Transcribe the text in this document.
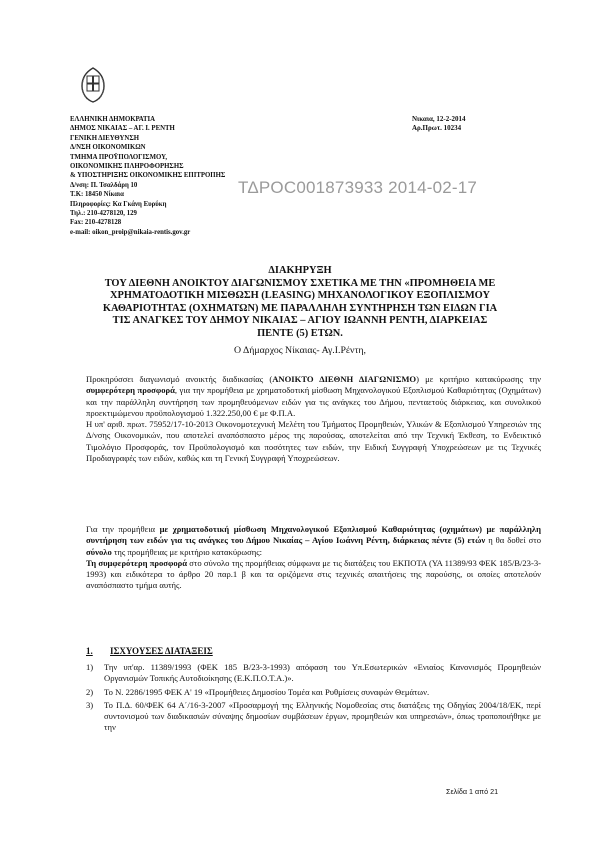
ΕΛΛΗΝΙΚΗ ΔΗΜΟΚΡΑΤΙΑ
ΔΗΜΟΣ ΝΙΚΑΙΑΣ – ΑΓ. Ι. ΡΕΝΤΗ
ΓΕΝΙΚΗ ΔΙΕΥΘΥΝΣΗ
Δ/ΝΣΗ ΟΙΚΟΝΟΜΙΚΩΝ
ΤΜΗΜΑ ΠΡΟΫΠΟΛΟΓΙΣΜΟΥ,
ΟΙΚΟΝΟΜΙΚΗΣ ΠΛΗΡΟΦΟΡΗΣΗΣ
& ΥΠΟΣΤΗΡΙΞΗΣ ΟΙΚΟΝΟΜΙΚΗΣ ΕΠΙΤΡΟΠΗΣ
Δ/νση: Π. Τσαλδάρη 10
Τ.Κ: 18450 Νίκαια
Πληροφορίες: Κα Γκάνη Ευρύκη
Τηλ.: 210-4278120, 129
Fax: 210-4278128
e-mail: oikon_proip@nikaia-rentis.gov.gr
Νικαια, 12-2-2014
Αρ.Πρωτ. 10234
ΤΔΡΟC001873933 2014-02-17
ΔΙΑΚΗΡΥΞΗ
ΤΟΥ ΔΙΕΘΝΗ ΑΝΟΙΚΤΟΥ ΔΙΑΓΩΝΙΣΜΟΥ ΣΧΕΤΙΚΑ ΜΕ ΤΗΝ «ΠΡΟΜΗΘΕΙΑ ΜΕ
ΧΡΗΜΑΤΟΔΟΤΙΚΗ ΜΙΣΘΩΣΗ (LEASING) ΜΗΧΑΝΟΛΟΓΙΚΟΥ ΕΞΟΠΛΙΣΜΟΥ
ΚΑΘΑΡΙΟΤΗΤΑΣ (ΟΧΗΜΑΤΩΝ) ΜΕ ΠΑΡΑΛΛΗΛΗ ΣΥΝΤΗΡΗΣΗ ΤΩΝ ΕΙΔΩΝ ΓΙΑ
ΤΙΣ ΑΝΑΓΚΕΣ ΤΟΥ ΔΗΜΟΥ ΝΙΚΑΙΑΣ – ΑΓΙΟΥ ΙΩΑΝΝΗ ΡΕΝΤΗ, ΔΙΑΡΚΕΙΑΣ
ΠΕΝΤΕ (5) ΕΤΩΝ.
Ο Δήμαρχος Νίκαιας- Αγ.Ι.Ρέντη,

Προκηρύσσει διαγωνισμό ανοικτής διαδικασίας (ΑΝΟΙΚΤΟ ΔΙΕΘΝΗ ΔΙΑΓΩΝΙΣΜΟ) με κριτήριο κατακύρωσης την συμφερότερη προσφορά, για την προμήθεια με χρηματοδοτική μίσθωση Μηχανολογικού Εξοπλισμού Καθαριότητας (Οχημάτων) και την παράλληλη συντήρηση των προμηθευόμενων ειδών για τις ανάγκες του Δήμου, πενταετούς διάρκειας, και συνολικού προεκτιμώμενου προϋπολογισμού 1.322.250,00 € με Φ.Π.Α.

Η υπ' αριθ. πρωτ. 75952/17-10-2013 Οικονομοτεχνική Μελέτη του Τμήματος Προμηθειών, Υλικών & Εξοπλισμού Υπηρεσιών της Δ/νσης Οικονομικών, που αποτελεί αναπόσπαστο μέρος της παρούσας, αποτελείται από την Τεχνική Έκθεση, το Ενδεικτικό Τιμολόγιο Προσφοράς, τον Προϋπολογισμό και ποσότητες των ειδών, την Ειδική Συγγραφή Υποχρεώσεων με τις Τεχνικές Προδιαγραφές των ειδών, καθώς και τη Γενική Συγγραφή Υποχρεώσεων.

Για την προμήθεια με χρηματοδοτική μίσθωση Μηχανολογικού Εξοπλισμού Καθαριότητας (οχημάτων) με παράλληλη συντήρηση των ειδών για τις ανάγκες του Δήμου Νικαίας – Αγίου Ιωάννη Ρέντη, διάρκειας πέντε (5) ετών η θα δοθεί στο σύνολο της προμήθειας με κριτήριο κατακύρωσης:

Τη συμφερότερη προσφορά στο σύνολο της προμήθειας σύμφωνα με τις διατάξεις του ΕΚΠΟΤΑ (ΥΑ 11389/93 ΦΕΚ 185/Β/23-3-1993) και ειδικότερα το άρθρο 20 παρ.1 β και τα οριζόμενα στις τεχνικές απαιτήσεις της παρούσης, οι οποίες αποτελούν αναπόσπαστο τμήμα αυτής.

1. ΙΣΧΥΟΥΣΕΣ ΔΙΑΤΑΞΕΙΣ
1)	Την υπ'αρ. 11389/1993 (ΦΕΚ 185 Β/23-3-1993) απόφαση του Υπ.Εσωτερικών «Ενιαίος Κανονισμός Προμηθειών Οργανισμών Τοπικής Αυτοδιοίκησης (Ε.Κ.Π.Ο.Τ.Α.)».
2)	Το Ν. 2286/1995 ΦΕΚ Α' 19 «Προμήθειες Δημοσίου Τομέα και Ρυθμίσεις συναφών Θεμάτων.
3)	Το Π.Δ. 60/ΦΕΚ 64 Α΄/16-3-2007 «Προσαρμογή της Ελληνικής Νομοθεσίας στις διατάξεις της Οδηγίας 2004/18/ΕΚ, περί συντονισμού των διαδικασιών σύναψης δημοσίων συμβάσεων έργων, προμηθειών και υπηρεσιών», όπως τροποποιήθηκε με την
Σελίδα 1 από 21
